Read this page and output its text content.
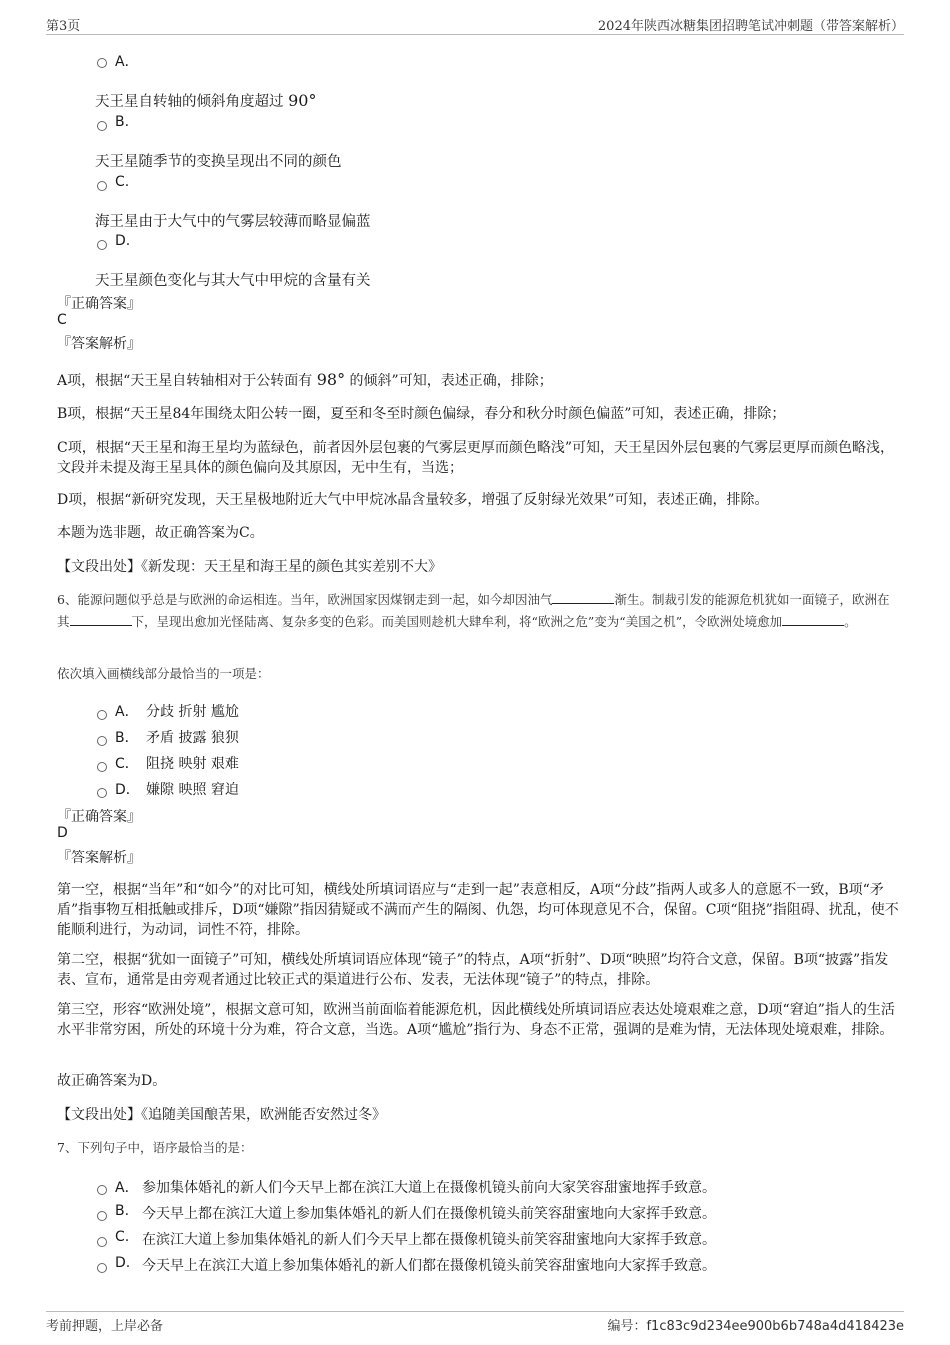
第3页	2024年陕西冰糖集团招聘笔试冲刺题（带答案解析）
A．
天王星自转轴的倾斜角度超过 90°
B.
天王星随季节的变换呈现出不同的颜色
C.
海王星由于大气中的气雾层较薄而略显偏蓝
D.
天王星颜色变化与其大气中甲烷的含量有关
『正确答案』
C
『答案解析』

A项，根据“天王星自转轴相对于公转面有 98° 的倾斜”可知，表述正确，排除；

B项，根据“天王星84年围绕太阳公转一圈，夏至和冬至时颜色偏绿，春分和秋分时颜色偏蓝”可知，表述正确，排除；

C项，根据“天王星和海王星均为蓝绿色，前者因外层包裹的气雾层更厚而颜色略浅”可知，天王星因外层包裹的气雾层更厚而颜色略浅，文段并未提及海王星具体的颜色偏向及其原因，无中生有，当选；

D项，根据“新研究发现，天王星极地附近大气中甲烷冰晶含量较多，增强了反射绿光效果”可知，表述正确，排除。

本题为选非题，故正确答案为C。

【文段出处】《新发现：天王星和海王星的颜色其实差别不大》

6、能源问题似乎总是与欧洲的命运相连。当年，欧洲国家因煤钢走到一起，如今却因油气	渐生。制裁引发的能源危机犹如一面镜子，欧洲在其	下，呈现出愈加光怪陆离、复杂多变的色彩。而美国则趁机大肆牟利，将“欧洲之危”变为“美国之机”，令欧洲处境愈加	。

依次填入画横线部分最恰当的一项是：

A． 分歧 折射 尴尬
B． 矛盾 披露 狼狈
C． 阻挠 映射 艰难
D． 嫌隙 映照 窘迫
『正确答案』
D
『答案解析』

第一空，根据“当年”和“如今”的对比可知，横线处所填词语应与“走到一起”表意相反，A项“分歧”指两人或多人的意愿不一致，B项“矛盾”指事物互相抵触或排斥，D项“嫌隙”指因猜疑或不满而产生的隔阂、仇怨，均可体现意见不合，保留。C项“阻挠”指阻碍、扰乱，使不能顺利进行，为动词，词性不符，排除。

第二空，根据“犹如一面镜子”可知，横线处所填词语应体现“镜子”的特点，A项“折射”、D项“映照”均符合文意，保留。B项“披露”指发表、宣布，通常是由旁观者通过比较正式的渠道进行公布、发表，无法体现“镜子”的特点，排除。

第三空，形容“欧洲处境”，根据文意可知，欧洲当前面临着能源危机，因此横线处所填词语应表达处境艰难之意，D项“窘迫”指人的生活水平非常穷困，所处的环境十分为难，符合文意，当选。A项“尴尬”指行为、身态不正常，强调的是难为情，无法体现处境艰难，排除。

故正确答案为D。

【文段出处】《追随美国酿苦果，欧洲能否安然过冬》

7、下列句子中，语序最恰当的是：

A． 参加集体婚礼的新人们今天早上都在滨江大道上在摄像机镜头前向大家笑容甜蜜地挥手致意。
B. 今天早上都在滨江大道上参加集体婚礼的新人们在摄像机镜头前笑容甜蜜地向大家挥手致意。
C. 在滨江大道上参加集体婚礼的新人们今天早上都在摄像机镜头前笑容甜蜜地向大家挥手致意。
D. 今天早上在滨江大道上参加集体婚礼的新人们都在摄像机镜头前笑容甜蜜地向大家挥手致意。
考前押题，上岸必备	编号：f1c83c9d234ee900b6b748a4d418423e
